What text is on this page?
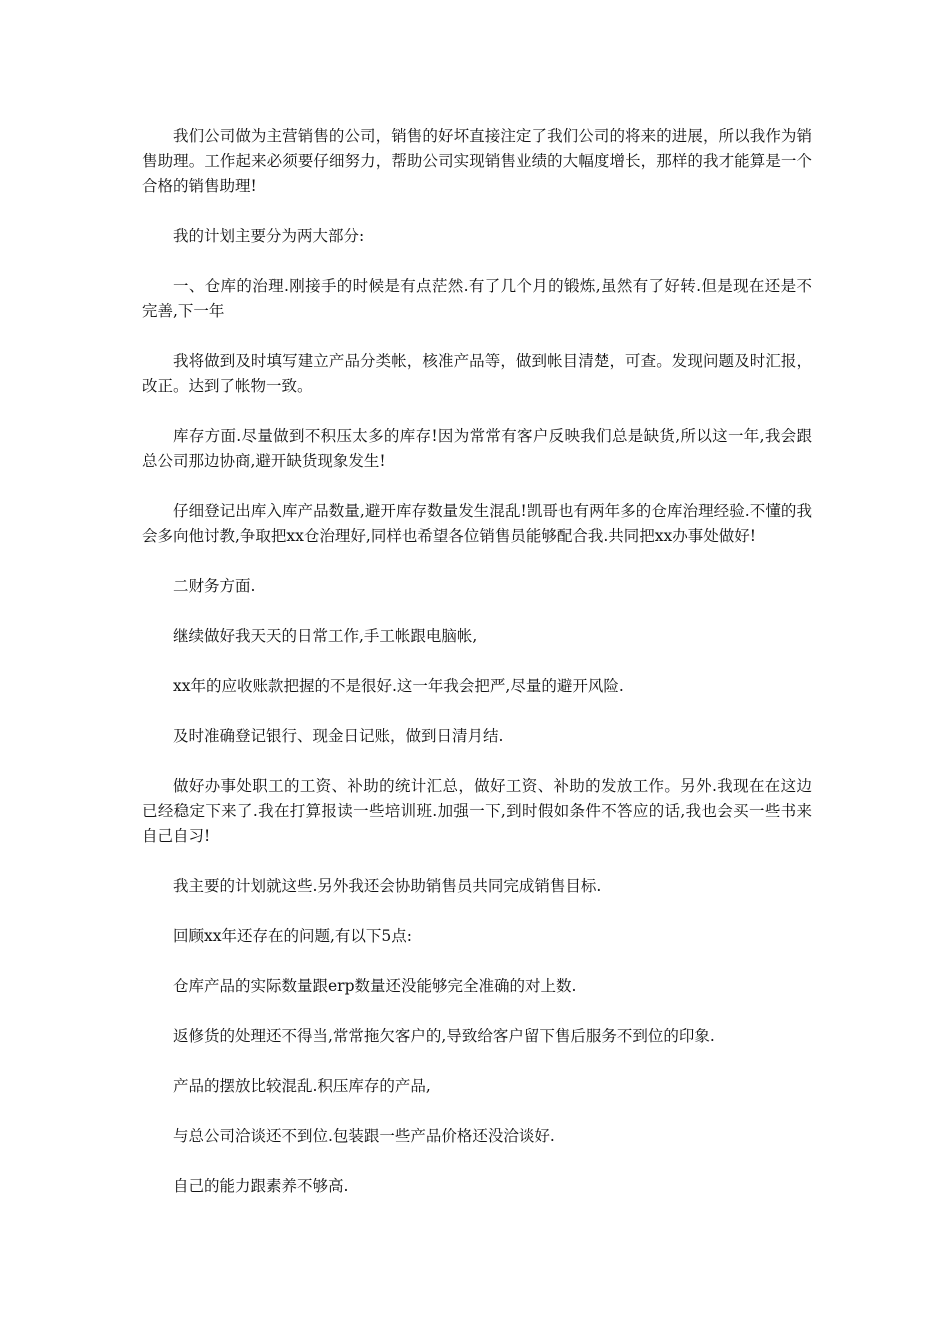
我们公司做为主营销售的公司，销售的好坏直接注定了我们公司的将来的进展，所以我作为销售助理。工作起来必须要仔细努力，帮助公司实现销售业绩的大幅度增长，那样的我才能算是一个合格的销售助理!

我的计划主要分为两大部分:

一、仓库的治理.刚接手的时候是有点茫然.有了几个月的锻炼,虽然有了好转.但是现在还是不完善,下一年

我将做到及时填写建立产品分类帐，核准产品等，做到帐目清楚，可查。发现问题及时汇报，改正。达到了帐物一致。

库存方面.尽量做到不积压太多的库存!因为常常有客户反映我们总是缺货,所以这一年,我会跟总公司那边协商,避开缺货现象发生!

仔细登记出库入库产品数量,避开库存数量发生混乱!凯哥也有两年多的仓库治理经验.不懂的我会多向他讨教,争取把xx仓治理好,同样也希望各位销售员能够配合我.共同把xx办事处做好!

二财务方面.

继续做好我天天的日常工作,手工帐跟电脑帐,

xx年的应收账款把握的不是很好.这一年我会把严,尽量的避开风险.

及时准确登记银行、现金日记账，做到日清月结.

做好办事处职工的工资、补助的统计汇总，做好工资、补助的发放工作。另外.我现在在这边已经稳定下来了.我在打算报读一些培训班.加强一下,到时假如条件不答应的话,我也会买一些书来自己自习!

我主要的计划就这些.另外我还会协助销售员共同完成销售目标.

回顾xx年还存在的问题,有以下5点:

仓库产品的实际数量跟erp数量还没能够完全准确的对上数.

返修货的处理还不得当,常常拖欠客户的,导致给客户留下售后服务不到位的印象.

产品的摆放比较混乱.积压库存的产品,

与总公司洽谈还不到位.包装跟一些产品价格还没洽谈好.

自己的能力跟素养不够高.
